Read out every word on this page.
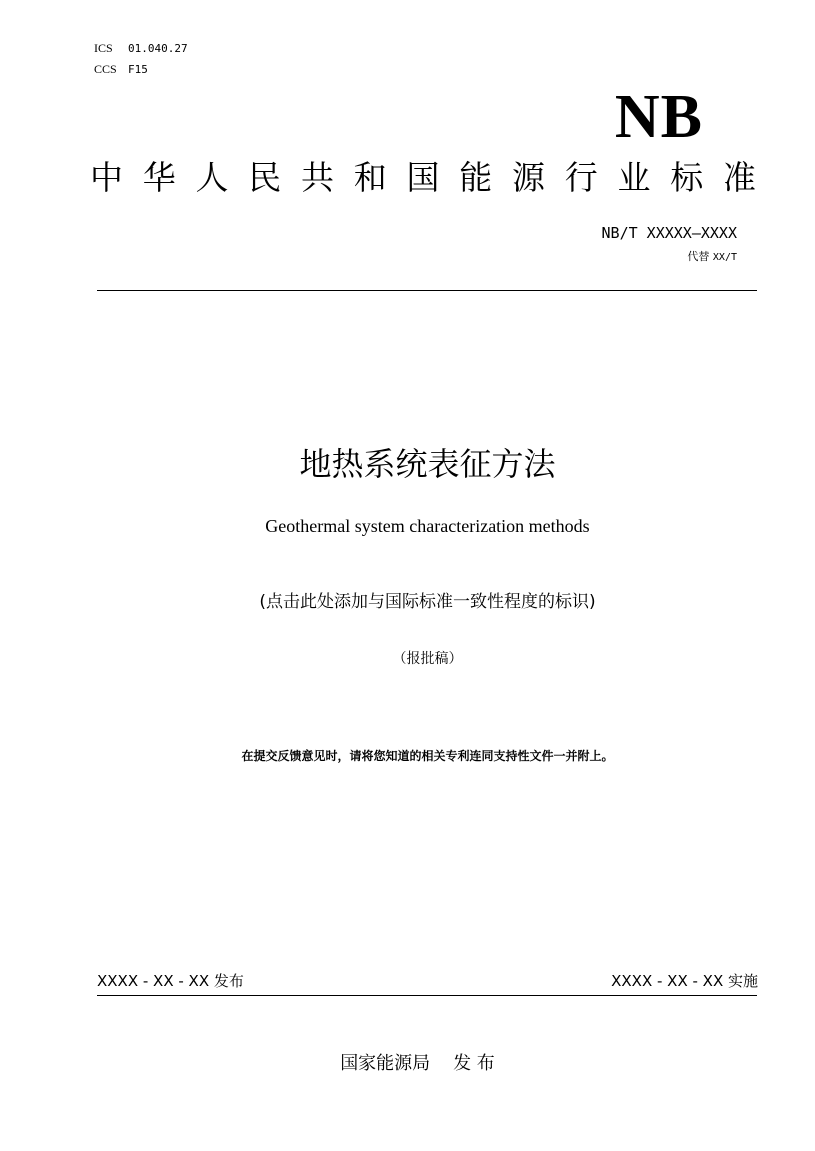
ICS 01.040.27
CCS F15
NB
中 华 人 民 共 和 国 能 源 行 业 标 准
NB/T XXXXX—XXXX
代替 XX/T
地热系统表征方法
Geothermal system characterization methods
(点击此处添加与国际标准一致性程度的标识)
（报批稿）
在提交反馈意见时，请将您知道的相关专利连同支持性文件一并附上。
XXXX - XX - XX 发布	XXXX - XX - XX 实施
国家能源局    发 布
